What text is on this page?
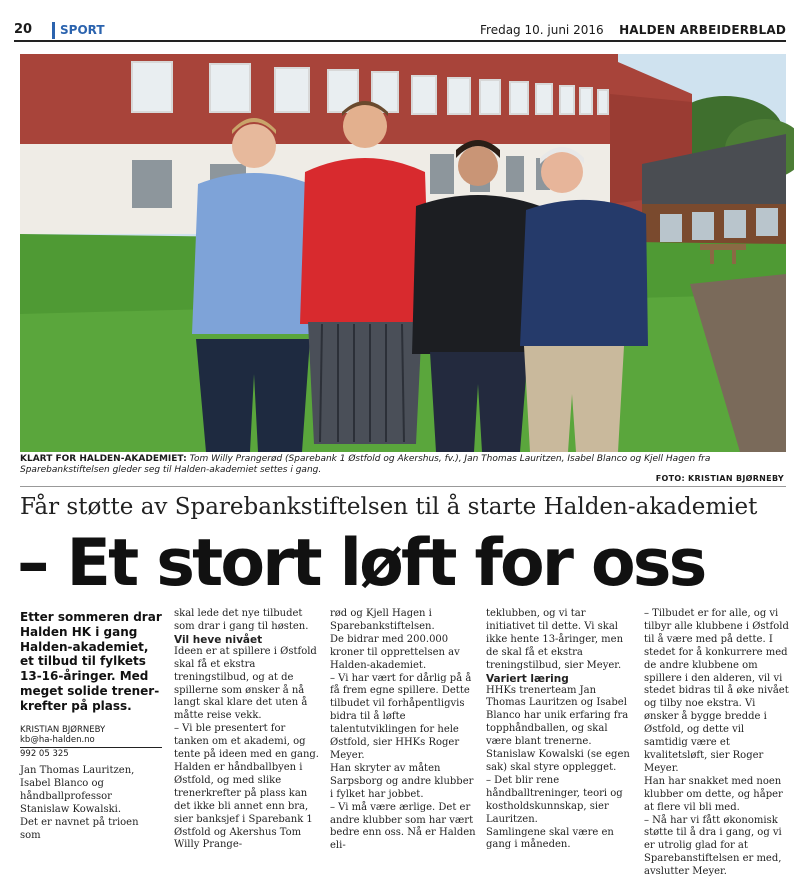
20	SPORT	Fredag 10. juni 2016 HALDEN ARBEIDERBLAD
KLART FOR HALDEN-AKADEMIET: Tom Willy Prangerød (Sparebank 1 Østfold og Akershus, fv.), Jan Thomas Lauritzen, Isabel Blanco og Kjell Hagen fra Sparebankstiftelsen gleder seg til Halden-akademiet settes i gang.
FOTO: KRISTIAN BJØRNEBY
Får støtte av Sparebankstiftelsen til å starte Halden-akademiet
– Et stort løft for oss
Etter sommeren drar Halden HK i gang Halden-akademiet, et tilbud til fylkets 13-16-åringer. Med meget solide trener-krefter på plass.
KRISTIAN BJØRNEBY
kb@ha-halden.no
992 05 325

Jan Thomas Lauritzen, Isabel Blanco og håndballprofessor Stanislaw Kowalski.

Det er navnet på trioen som

skal lede det nye tilbudet som drar i gang til høsten.

Vil heve nivået

Ideen er at spillere i Østfold skal få et ekstra treningstilbud, og at de spillerne som ønsker å nå langt skal klare det uten å måtte reise vekk.

– Vi ble presentert for tanken om et akademi, og tente på ideen med en gang. Halden er håndballbyen i Østfold, og med slike trenerkrefter på plass kan det ikke bli annet enn bra, sier banksjef i Sparebank 1 Østfold og Akershus Tom Willy Prange-

rød og Kjell Hagen i Sparebankstiftelsen.

De bidrar med 200.000 kroner til opprettelsen av Halden-akademiet.

– Vi har vært for dårlig på å få frem egne spillere. Dette tilbudet vil forhåpentligvis bidra til å løfte talentutviklingen for hele Østfold, sier HHKs Roger Meyer.

Han skryter av måten Sarpsborg og andre klubber i fylket har jobbet.

– Vi må være ærlige. Det er andre klubber som har vært bedre enn oss. Nå er Halden eli-

teklubben, og vi tar initiativet til dette. Vi skal ikke hente 13-åringer, men de skal få et ekstra treningstilbud, sier Meyer.

Variert læring

HHKs trenerteam Jan Thomas Lauritzen og Isabel Blanco har unik erfaring fra topphåndballen, og skal være blant trenerne. Stanislaw Kowalski (se egen sak) skal styre opplegget.

– Det blir rene håndballtreninger, teori og kostholdskunnskap, sier Lauritzen.

Samlingene skal være en gang i måneden.

– Tilbudet er for alle, og vi tilbyr alle klubbene i Østfold til å være med på dette. I stedet for å konkurrere med de andre klubbene om spillere i den alderen, vil vi stedet bidras til å øke nivået og tilby noe ekstra. Vi ønsker å bygge bredde i Østfold, og dette vil samtidig være et kvalitetsløft, sier Roger Meyer.

Han har snakket med noen klubber om dette, og håper at flere vil bli med.

– Nå har vi fått økonomisk støtte til å dra i gang, og vi er utrolig glad for at Sparebanstiftelsen er med, avslutter Meyer.
